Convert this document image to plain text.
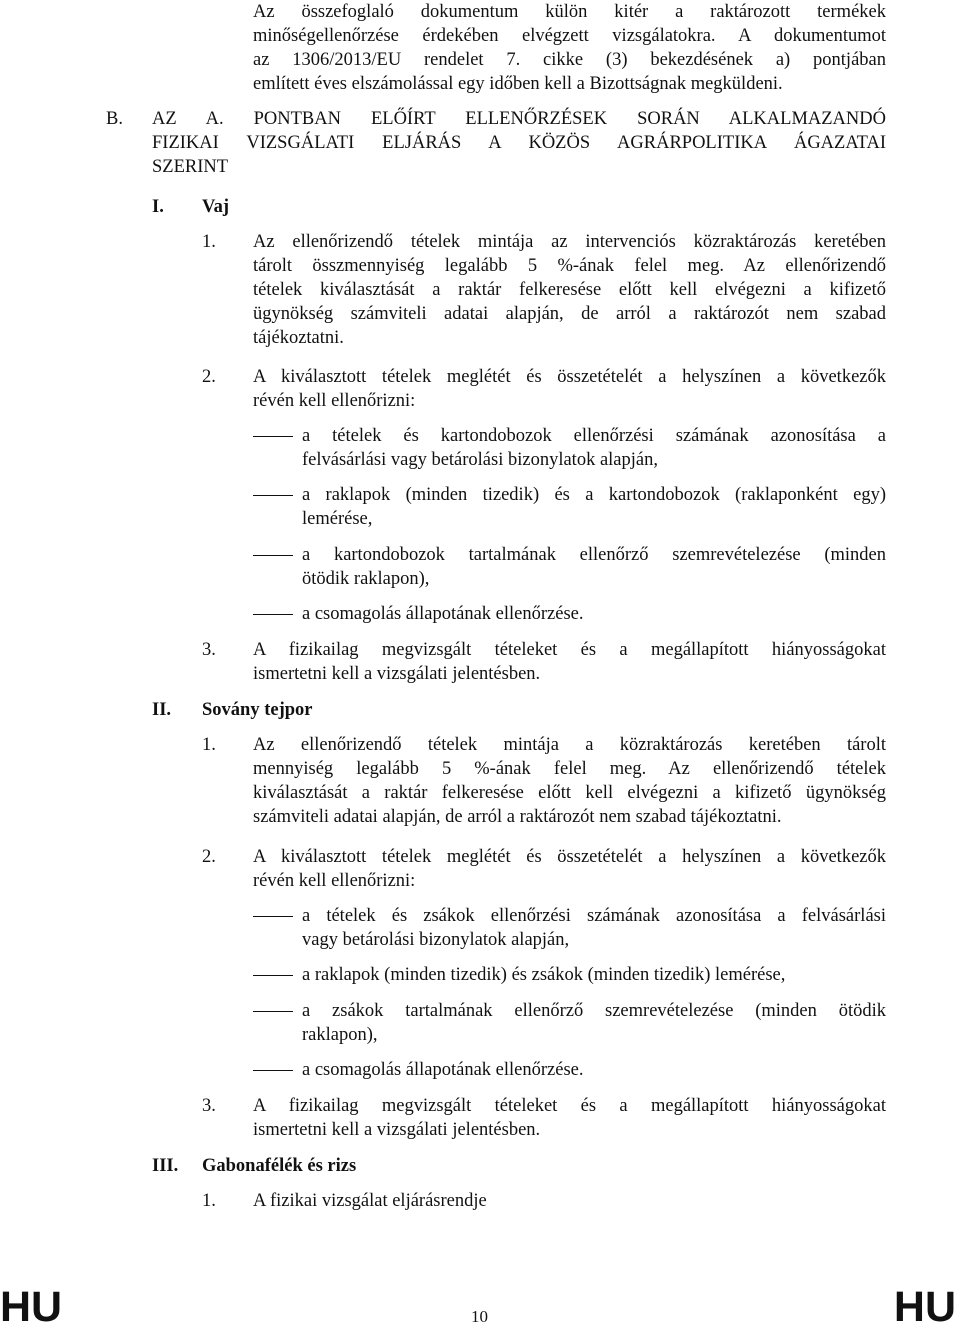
Az összefoglaló dokumentum külön kitér a raktározott termékek
minőségellenőrzése érdekében elvégzett vizsgálatokra. A dokumentumot
az 1306/2013/EU rendelet 7. cikke (3) bekezdésének a) pontjában
említett éves elszámolással egy időben kell a Bizottságnak megküldeni.
B. AZ A. PONTBAN ELŐÍRT ELLENŐRZÉSEK SORÁN ALKALMAZANDÓ
FIZIKAI VIZSGÁLATI ELJÁRÁS A KÖZÖS AGRÁRPOLITIKA ÁGAZATAI
SZERINT
I. Vaj
1. Az ellenőrizendő tételek mintája az intervenciós közraktározás keretében
tárolt összmennyiség legalább 5 %-ának felel meg. Az ellenőrizendő
tételek kiválasztását a raktár felkeresése előtt kell elvégezni a kifizető
ügynökség számviteli adatai alapján, de arról a raktározót nem szabad
tájékoztatni.
2. A kiválasztott tételek meglétét és összetételét a helyszínen a következők
révén kell ellenőrizni:
a tételek és kartondobozok ellenőrzési számának azonosítása a
felvásárlási vagy betárolási bizonylatok alapján,
a raklapok (minden tizedik) és a kartondobozok (raklaponként egy)
lemérése,
a kartondobozok tartalmának ellenőrző szemrevételezése (minden
ötödik raklapon),
a csomagolás állapotának ellenőrzése.
3. A fizikailag megvizsgált tételeket és a megállapított hiányosságokat
ismertetni kell a vizsgálati jelentésben.
II. Sovány tejpor
1. Az ellenőrizendő tételek mintája a közraktározás keretében tárolt
mennyiség legalább 5 %-ának felel meg. Az ellenőrizendő tételek
kiválasztását a raktár felkeresése előtt kell elvégezni a kifizető ügynökség
számviteli adatai alapján, de arról a raktározót nem szabad tájékoztatni.
2. A kiválasztott tételek meglétét és összetételét a helyszínen a következők
révén kell ellenőrizni:
a tételek és zsákok ellenőrzési számának azonosítása a felvásárlási
vagy betárolási bizonylatok alapján,
a raklapok (minden tizedik) és zsákok (minden tizedik) lemérése,
a zsákok tartalmának ellenőrző szemrevételezése (minden ötödik
raklapon),
a csomagolás állapotának ellenőrzése.
3. A fizikailag megvizsgált tételeket és a megállapított hiányosságokat
ismertetni kell a vizsgálati jelentésben.
III. Gabonafélék és rizs
1. A fizikai vizsgálat eljárásrendje
HU	10	HU
